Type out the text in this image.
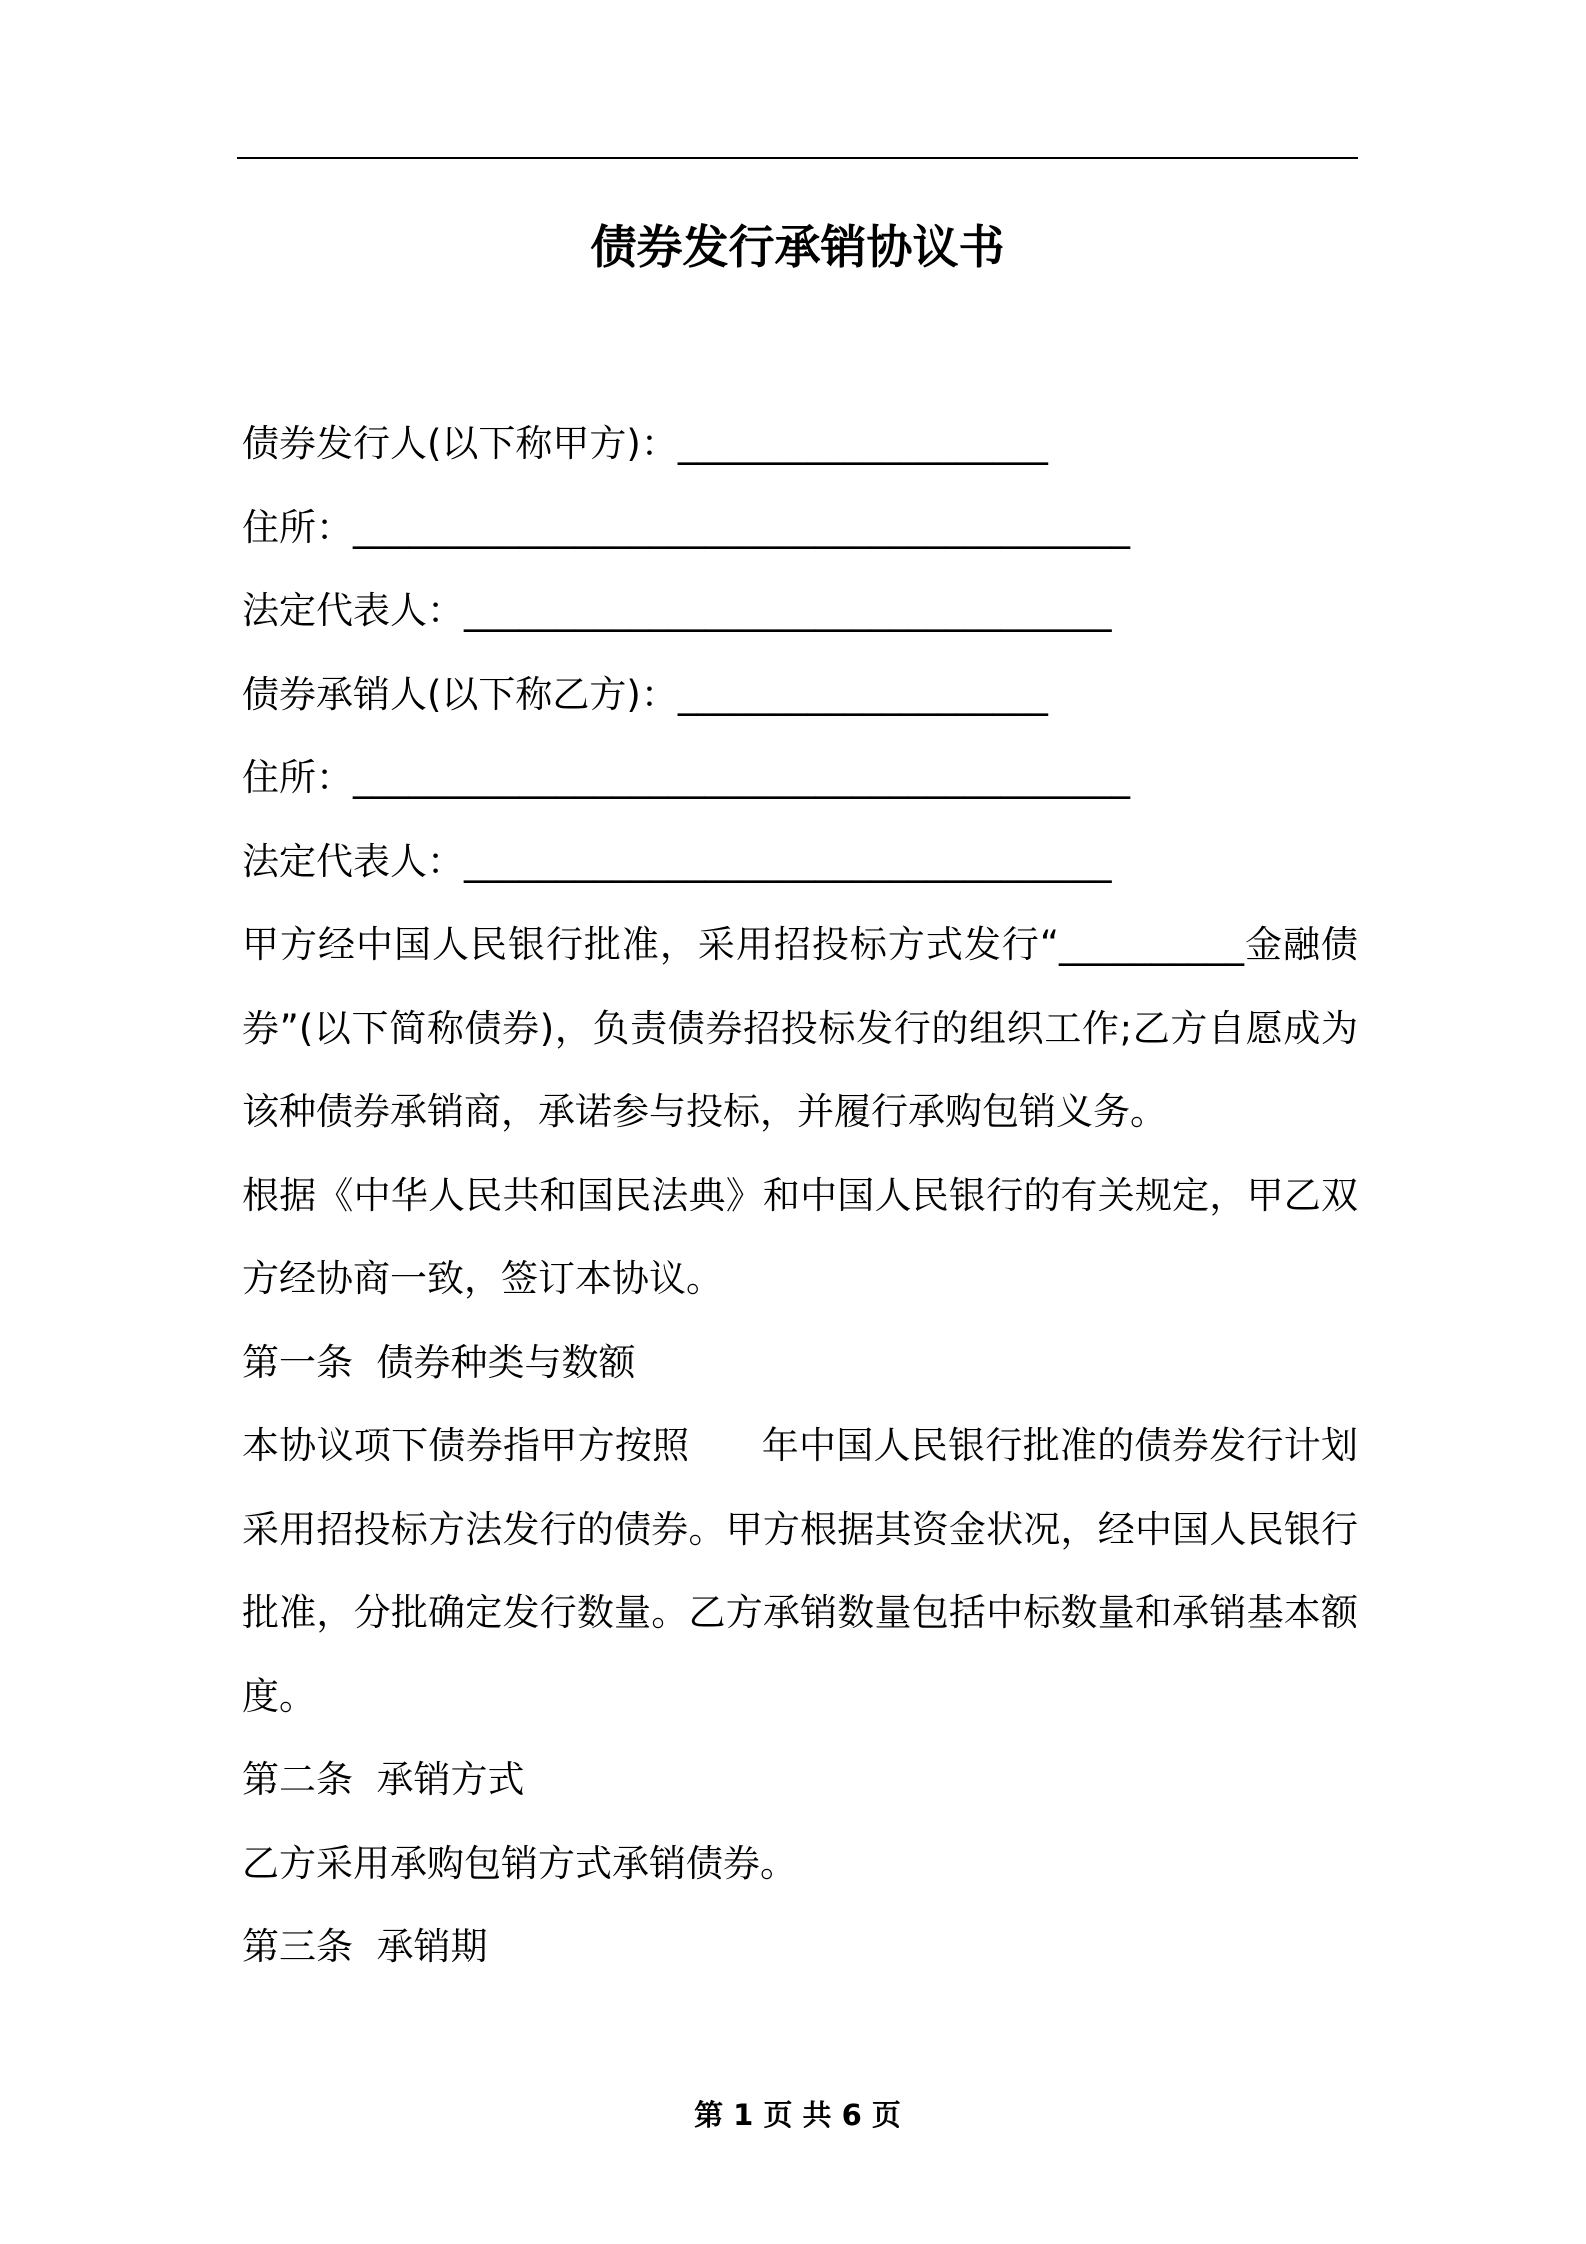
债券发行承销协议书
债券发行人(以下称甲方)：____________________
住所：__________________________________________
法定代表人：___________________________________
债券承销人(以下称乙方)：____________________
住所：__________________________________________
法定代表人：___________________________________
甲方经中国人民银行批准，采用招投标方式发行“__________金融债券”(以下简称债券)，负责债券招投标发行的组织工作;乙方自愿成为该种债券承销商，承诺参与投标，并履行承购包销义务。
根据《中华人民共和国民法典》和中国人民银行的有关规定，甲乙双方经协商一致，签订本协议。
第一条  债券种类与数额
本协议项下债券指甲方按照      年中国人民银行批准的债券发行计划采用招投标方法发行的债券。甲方根据其资金状况，经中国人民银行批准，分批确定发行数量。乙方承销数量包括中标数量和承销基本额度。
第二条  承销方式
乙方采用承购包销方式承销债券。
第三条  承销期
第 1 页 共 6 页
